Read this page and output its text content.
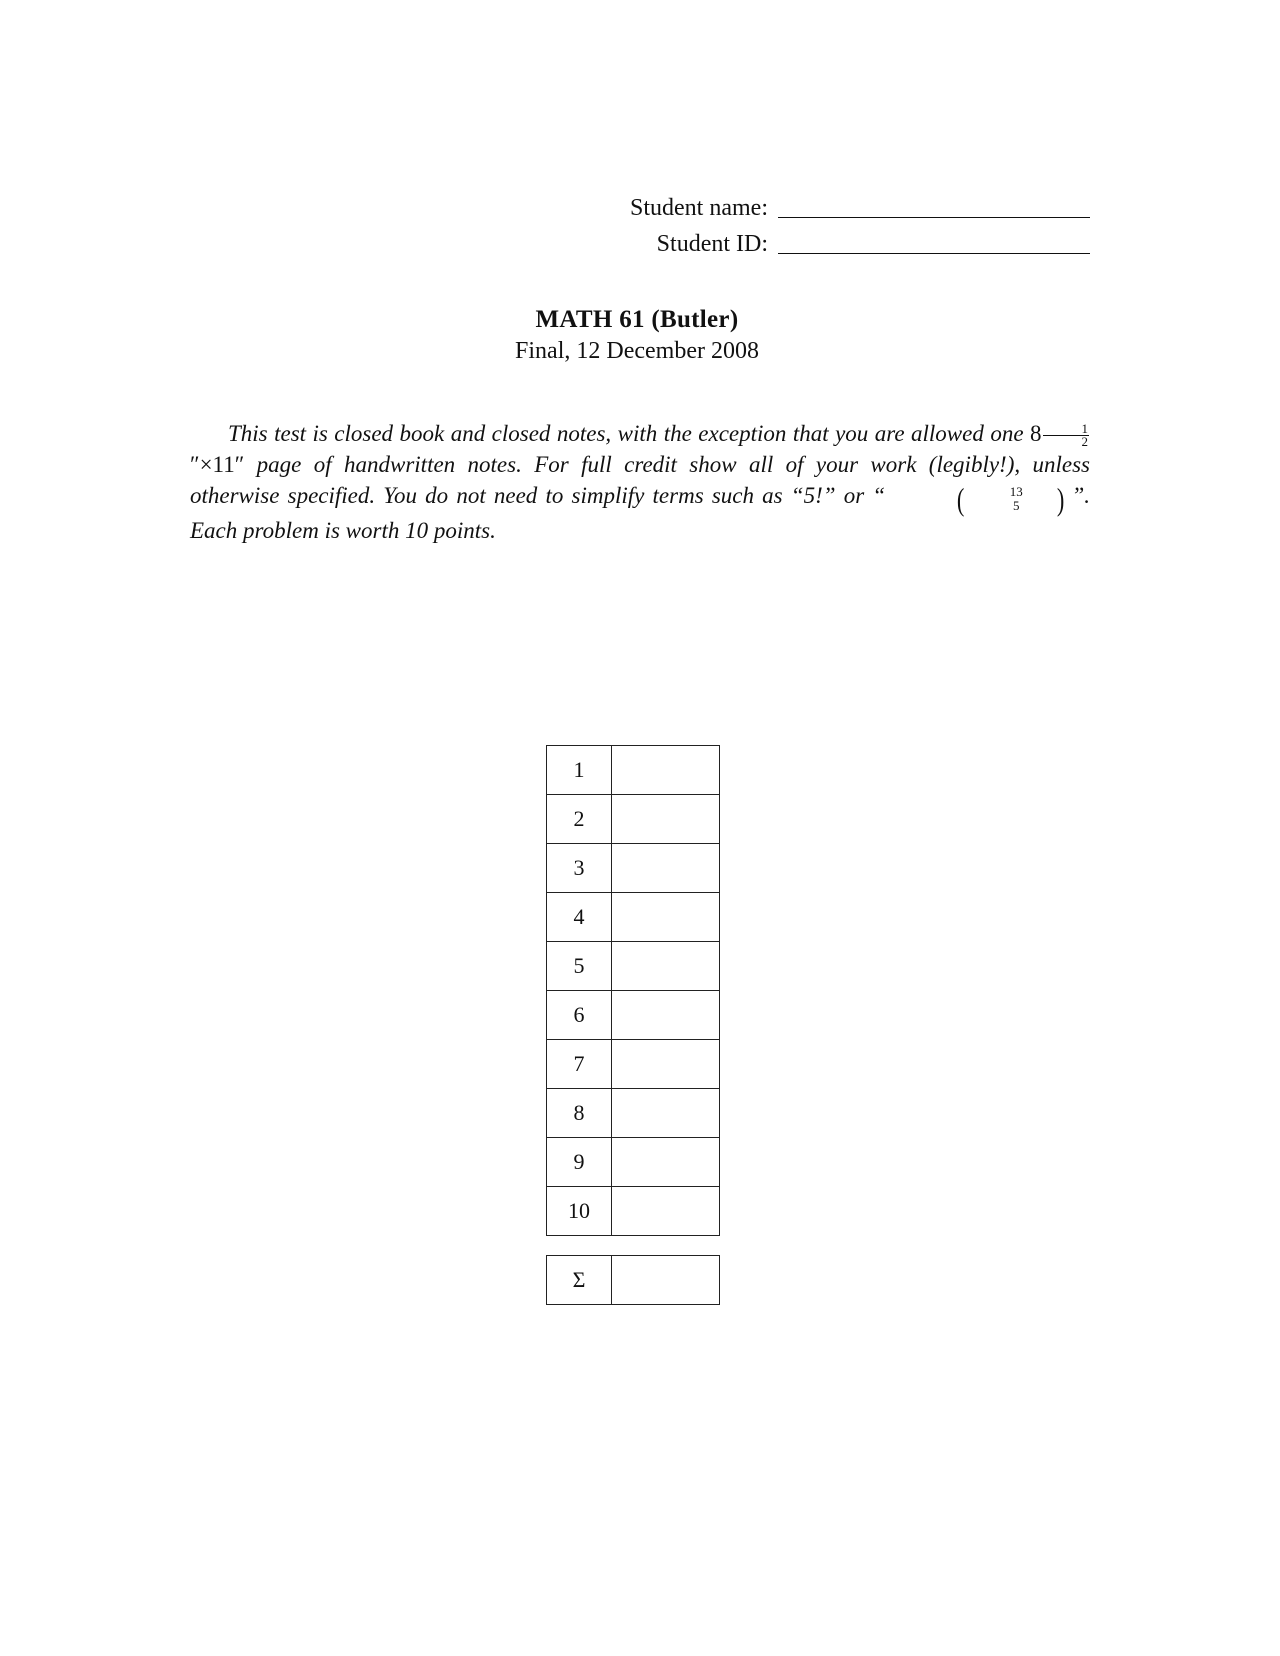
Student name:
Student ID:
MATH 61 (Butler)
Final, 12 December 2008

This test is closed book and closed notes, with the exception that you are allowed one $8 \frac{1}{2}$
″×11″ page of handwritten notes. For full credit show all of your work (legibly!), unless otherwise specified. You do not need to simplify terms such as “5!” or “ (	13
5 ) ”. Each problem is worth 10 points.

1	
2	
3	
4	
5	
6	
7	
8	
9	
10	
Σ	
